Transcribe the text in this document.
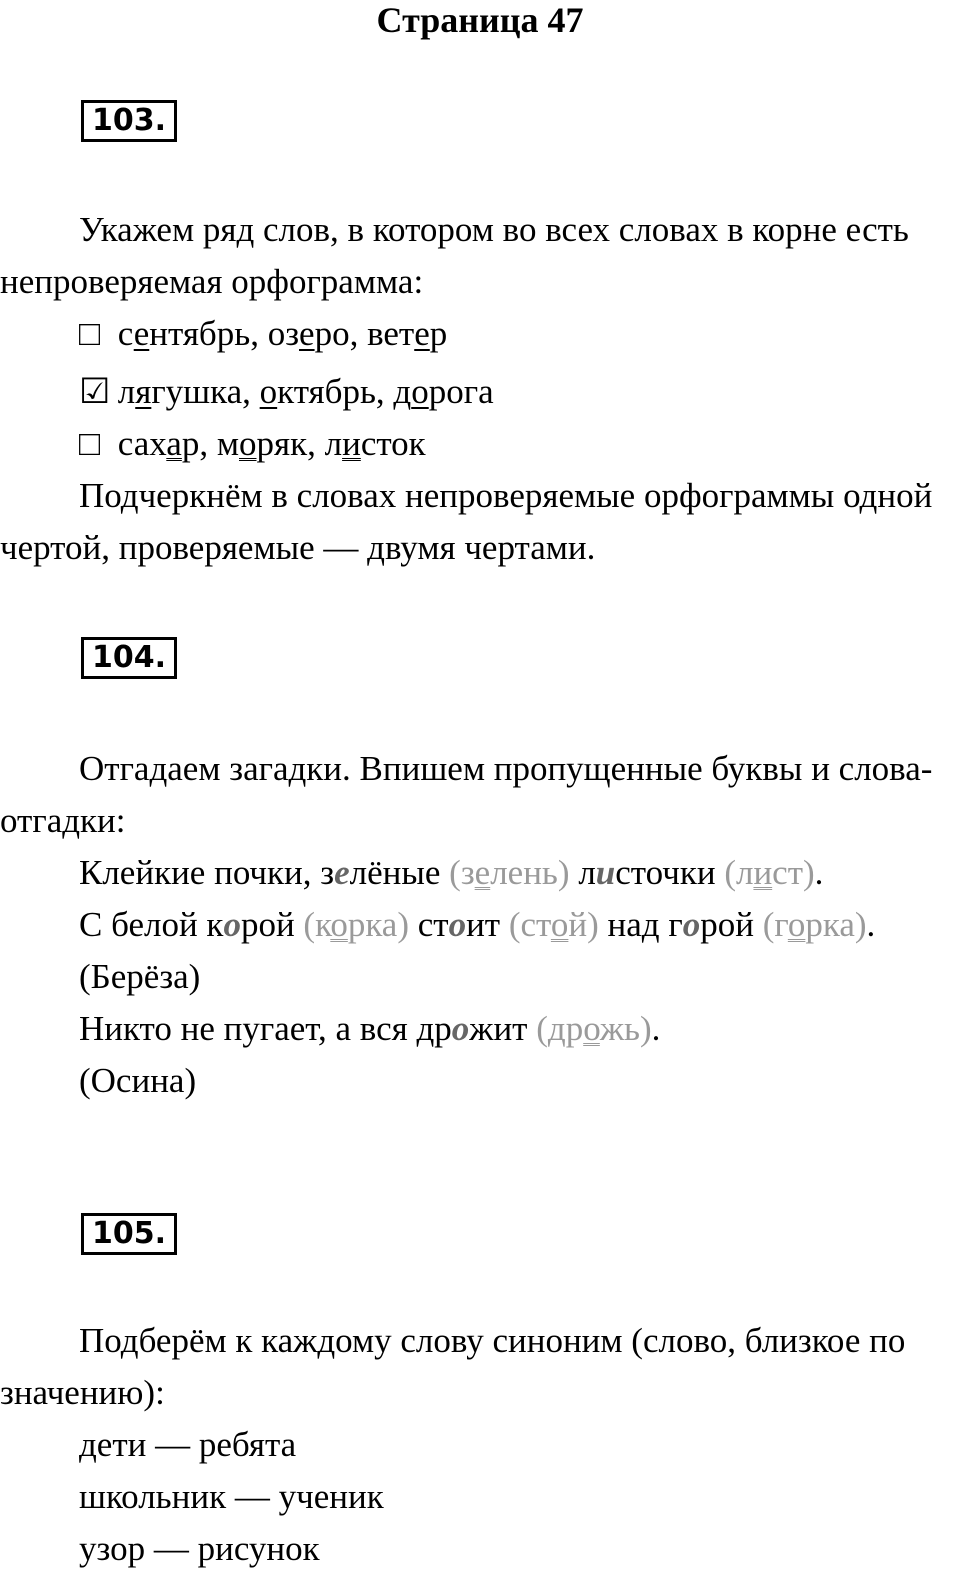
Страница 47
103.

Укажем ряд слов, в котором во всех словах в корне есть непроверяемая орфограмма:

□ сентябрь, озеро, ветер

☑ лягушка, октябрь, дорога

□ сахар, моряк, листок

Подчеркнём в словах непроверяемые орфограммы одной чертой, проверяемые — двумя чертами.

104.

Отгадаем загадки. Впишем пропущенные буквы и слова-отгадки:

Клейкие почки, зелёные (зелень) листочки (лист).

С белой корой (корка) стоит (стой) над горой (горка).

(Берёза)

Никто не пугает, а вся дрожит (дрожь).

(Осина)

105.

Подберём к каждому слову синоним (слово, близкое по значению):

дети — ребята

школьник — ученик

узор — рисунок
